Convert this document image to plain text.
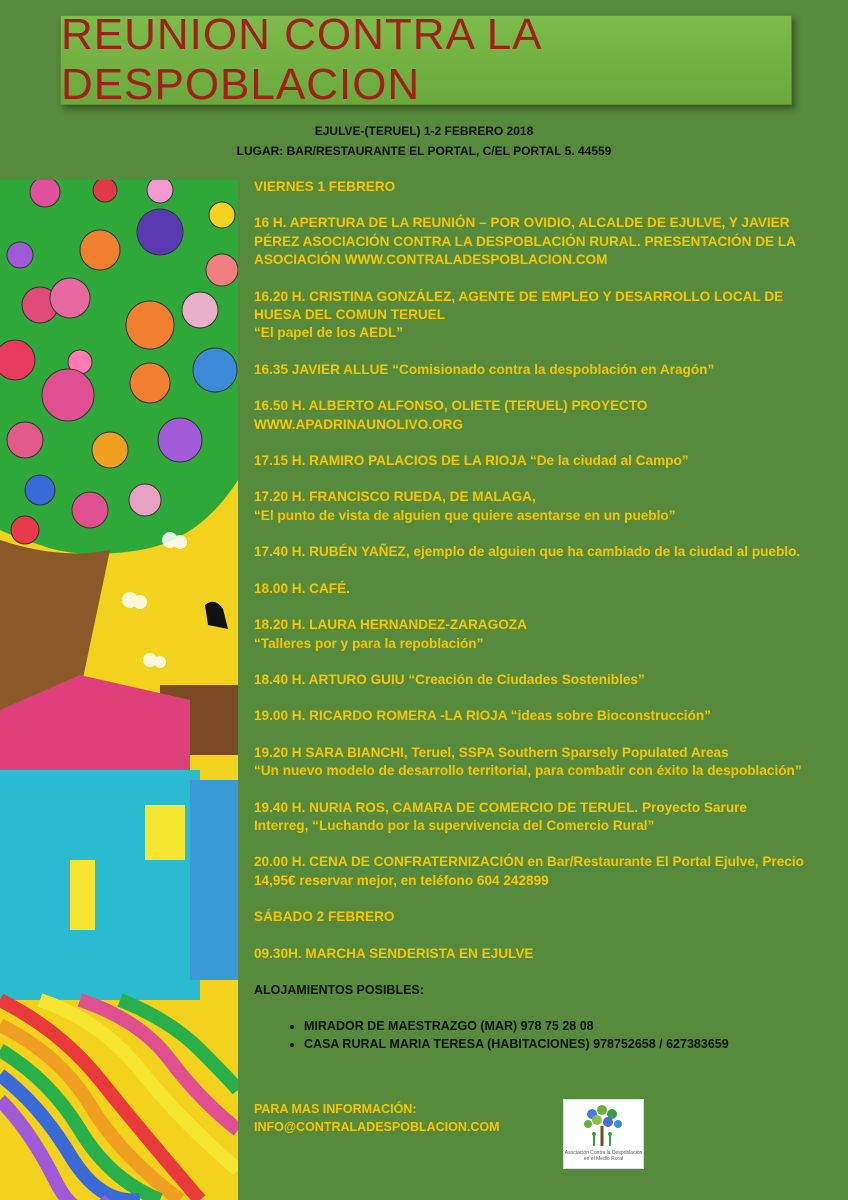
REUNION CONTRA LA DESPOBLACION
EJULVE-(TERUEL) 1-2 FEBRERO 2018
LUGAR: BAR/RESTAURANTE EL PORTAL, C/EL PORTAL 5. 44559

VIERNES 1 FEBRERO

16 H. APERTURA DE LA REUNIÓN – POR OVIDIO, ALCALDE DE EJULVE, Y JAVIER PÉREZ ASOCIACIÓN CONTRA LA DESPOBLACIÓN RURAL. PRESENTACIÓN DE LA ASOCIACIÓN WWW.CONTRALADESPOBLACION.COM

16.20 H. CRISTINA GONZÁLEZ, AGENTE DE EMPLEO Y DESARROLLO LOCAL DE HUESA DEL COMUN TERUEL
“El papel de los AEDL”

16.35 JAVIER ALLUE “Comisionado contra la despoblación en Aragón”

16.50 H. ALBERTO ALFONSO, OLIETE (TERUEL) PROYECTO WWW.APADRINAUNOLIVO.ORG

17.15 H. RAMIRO PALACIOS DE LA RIOJA “De la ciudad al Campo”

17.20 H. FRANCISCO RUEDA, DE MALAGA,
“El punto de vista de alguien que quiere asentarse en un pueblo”

17.40 H. RUBÉN YAÑEZ, ejemplo de alguien que ha cambiado de la ciudad al pueblo.

18.00 H. CAFÉ.

18.20 H. LAURA HERNANDEZ-ZARAGOZA
“Talleres por y para la repoblación”

18.40 H. ARTURO GUIU “Creación de Ciudades Sostenibles”

19.00 H. RICARDO ROMERA -LA RIOJA “ideas sobre Bioconstrucción”

19.20 H SARA BIANCHI, Teruel, SSPA Southern Sparsely Populated Areas
“Un nuevo modelo de desarrollo territorial, para combatir con éxito la despoblación”

19.40 H. NURIA ROS, CAMARA DE COMERCIO DE TERUEL. Proyecto Sarure Interreg, “Luchando por la supervivencia del Comercio Rural”

20.00 H. CENA DE CONFRATERNIZACIÓN en Bar/Restaurante El Portal Ejulve, Precio 14,95€ reservar mejor, en teléfono 604 242899

SÁBADO 2 FEBRERO

09.30H. MARCHA SENDERISTA EN EJULVE

ALOJAMIENTOS POSIBLES:

• MIRADOR DE MAESTRAZGO (MAR) 978 75 28 08
• CASA RURAL MARIA TERESA (HABITACIONES) 978752658 / 627383659
PARA MAS INFORMACIÓN:
INFO@CONTRALADESPOBLACION.COM
Asociación Contra la Despoblación en el Medio Rural
